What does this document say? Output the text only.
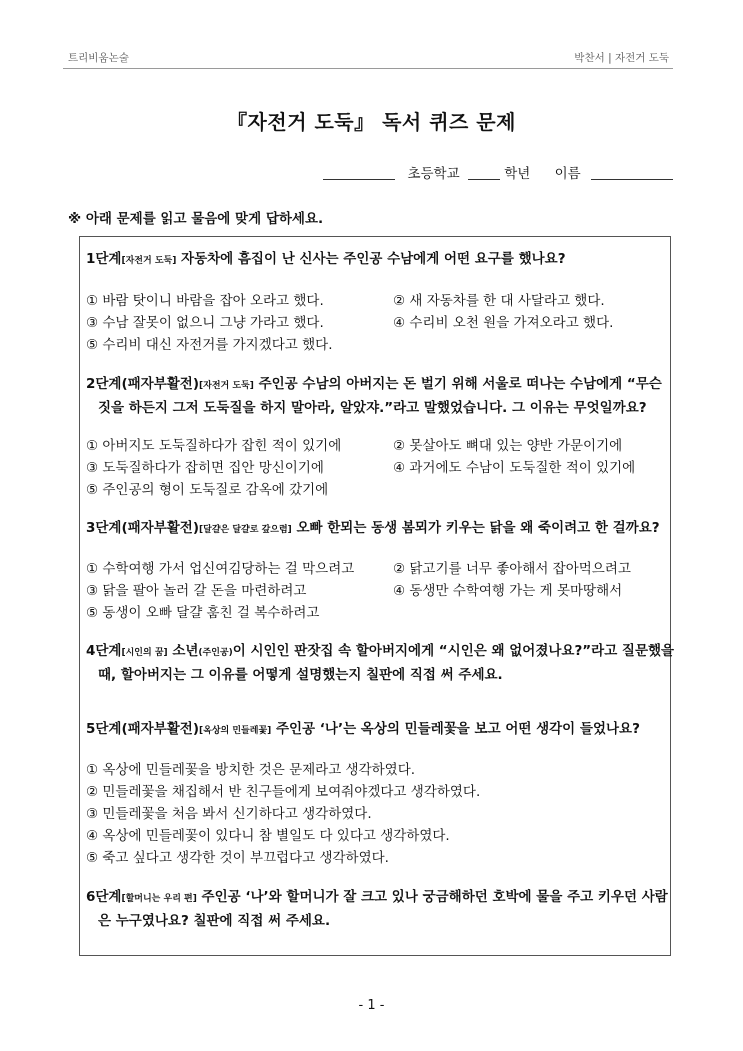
트리비움논술	박찬서 | 자전거 도둑
『자전거 도둑』 독서 퀴즈 문제
초등학교	학년 이름
※ 아래 문제를 읽고 물음에 맞게 답하세요.
1단계[자전거 도둑] 자동차에 흠집이 난 신사는 주인공 수남에게 어떤 요구를 했나요?
① 바람 탓이니 바람을 잡아 오라고 했다.	② 새 자동차를 한 대 사달라고 했다.
③ 수남 잘못이 없으니 그냥 가라고 했다.	④ 수리비 오천 원을 가져오라고 했다.
⑤ 수리비 대신 자전거를 가지겠다고 했다.
2단계(패자부활전)[자전거 도둑] 주인공 수남의 아버지는 돈 벌기 위해 서울로 떠나는 수남에게 “무슨 짓을 하든지 그저 도둑질을 하지 말아라, 알았쟈.”라고 말했었습니다. 그 이유는 무엇일까요?
① 아버지도 도둑질하다가 잡힌 적이 있기에	② 못살아도 뼈대 있는 양반 가문이기에
③ 도둑질하다가 잡히면 집안 망신이기에	④ 과거에도 수남이 도둑질한 적이 있기에
⑤ 주인공의 형이 도둑질로 감옥에 갔기에
3단계(패자부활전)[달걀은 달걀로 갚으렴] 오빠 한뫼는 동생 봄뫼가 키우는 닭을 왜 죽이려고 한 걸까요?
① 수학여행 가서 업신여김당하는 걸 막으려고	② 닭고기를 너무 좋아해서 잡아먹으려고
③ 닭을 팔아 놀러 갈 돈을 마련하려고	④ 동생만 수학여행 가는 게 못마땅해서
⑤ 동생이 오빠 달걀 훔친 걸 복수하려고
4단계[시인의 꿈] 소년(주인공)이 시인인 판잣집 속 할아버지에게 “시인은 왜 없어졌나요?”라고 질문했을 때, 할아버지는 그 이유를 어떻게 설명했는지 칠판에 직접 써 주세요.
5단계(패자부활전)[옥상의 민들레꽃] 주인공 ‘나’는 옥상의 민들레꽃을 보고 어떤 생각이 들었나요?
① 옥상에 민들레꽃을 방치한 것은 문제라고 생각하였다.
② 민들레꽃을 채집해서 반 친구들에게 보여줘야겠다고 생각하였다.
③ 민들레꽃을 처음 봐서 신기하다고 생각하였다.
④ 옥상에 민들레꽃이 있다니 참 별일도 다 있다고 생각하였다.
⑤ 죽고 싶다고 생각한 것이 부끄럽다고 생각하였다.
6단계[할머니는 우리 편] 주인공 ‘나’와 할머니가 잘 크고 있나 궁금해하던 호박에 물을 주고 키우던 사람은 누구였나요? 칠판에 직접 써 주세요.
- 1 -
